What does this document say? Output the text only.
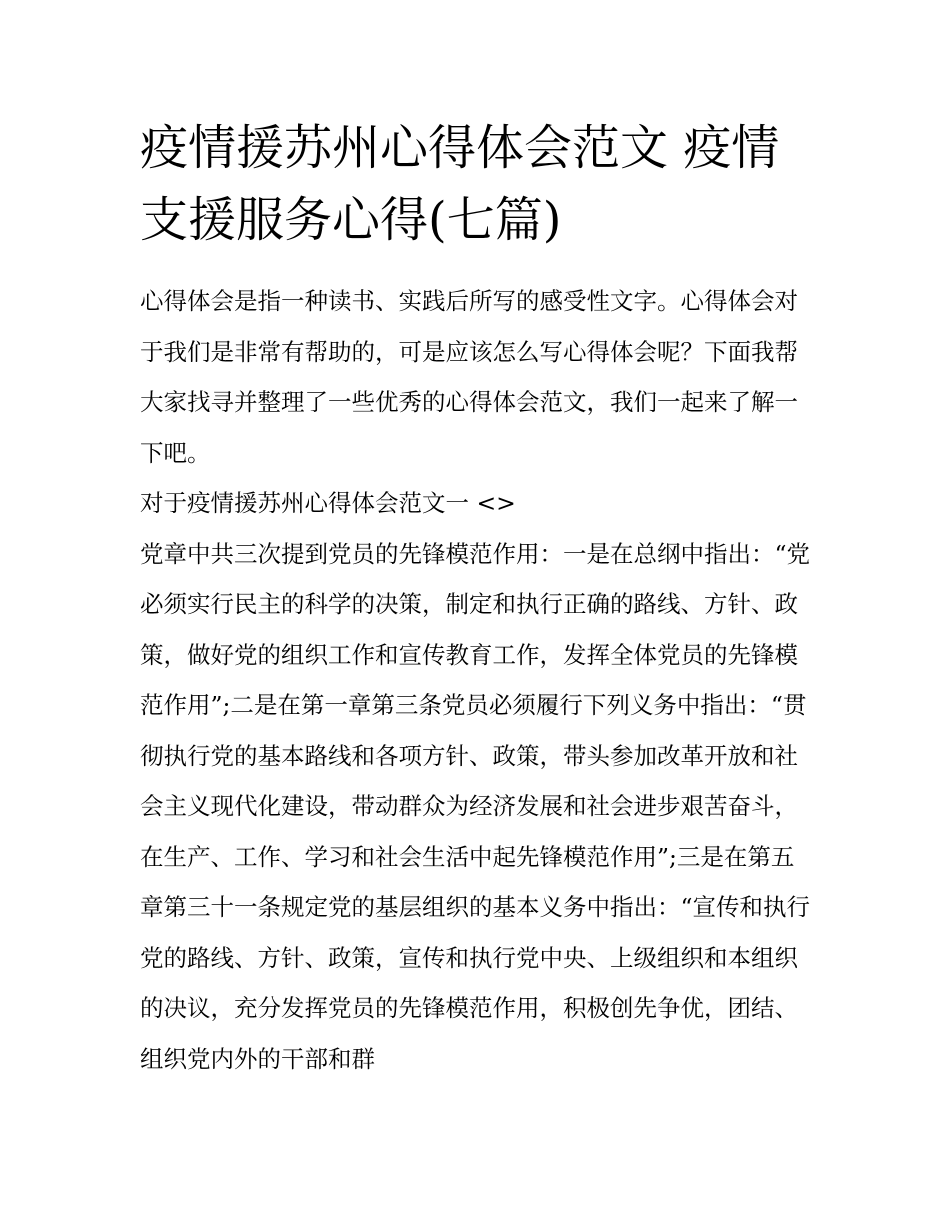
疫情援苏州心得体会范文 疫情支援服务心得(七篇)

心得体会是指一种读书、实践后所写的感受性文字。心得体会对于我们是非常有帮助的，可是应该怎么写心得体会呢？下面我帮大家找寻并整理了一些优秀的心得体会范文，我们一起来了解一下吧。

对于疫情援苏州心得体会范文一 <>

党章中共三次提到党员的先锋模范作用：一是在总纲中指出：“党必须实行民主的科学的决策，制定和执行正确的路线、方针、政策，做好党的组织工作和宣传教育工作，发挥全体党员的先锋模范作用”;二是在第一章第三条党员必须履行下列义务中指出：“贯彻执行党的基本路线和各项方针、政策，带头参加改革开放和社会主义现代化建设，带动群众为经济发展和社会进步艰苦奋斗，在生产、工作、学习和社会生活中起先锋模范作用”;三是在第五章第三十一条规定党的基层组织的基本义务中指出：“宣传和执行党的路线、方针、政策，宣传和执行党中央、上级组织和本组织的决议，充分发挥党员的先锋模范作用，积极创先争优，团结、组织党内外的干部和群
